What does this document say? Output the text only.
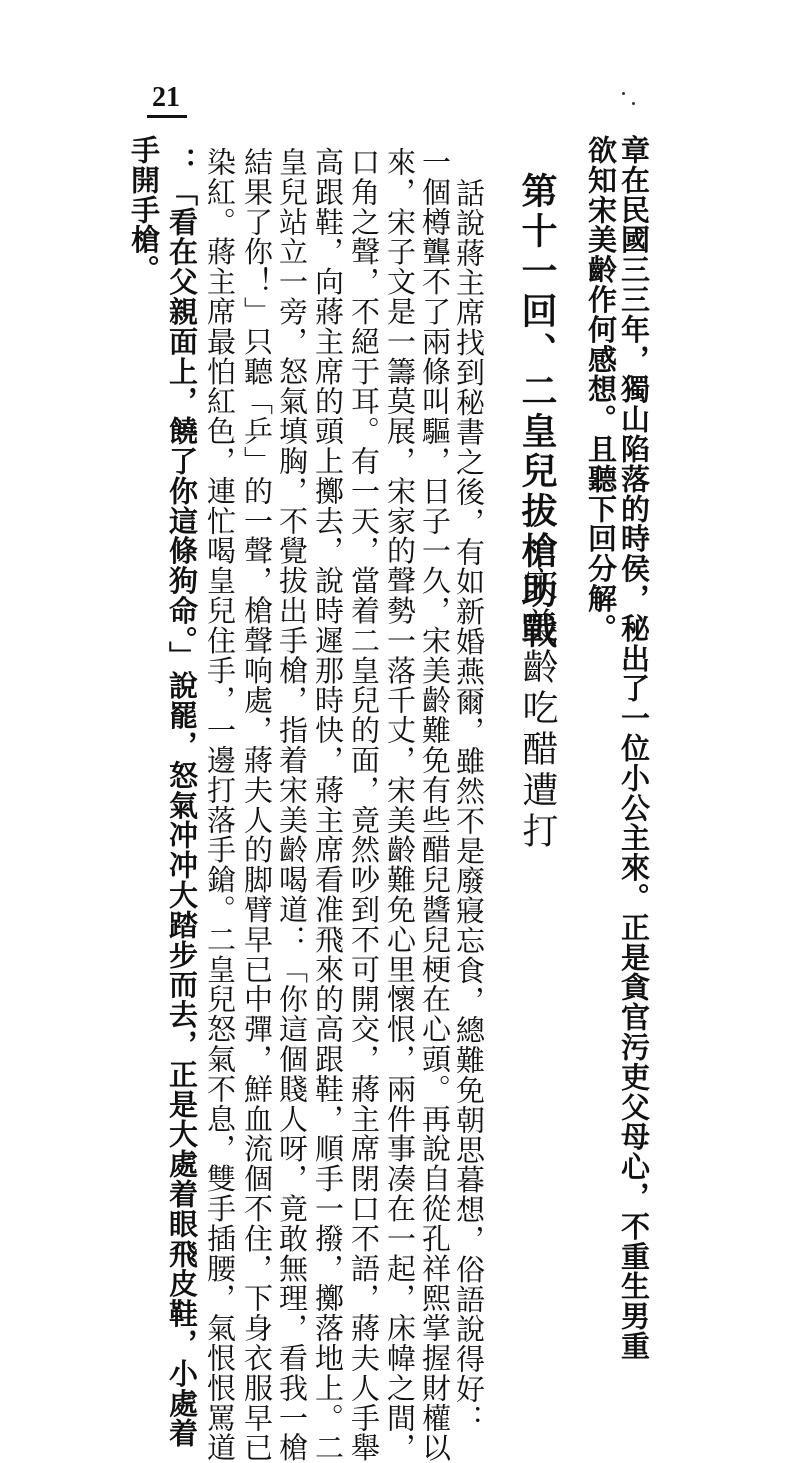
章在民國三三年，獨山陷落的時侯，秘出了一位小公主來。正是貪官污吏父母心，不重生男重
欲知宋美齡作何感想。且聽下回分解。
第十一回、二皇兒拔槍助戰
宋美齡吃醋遭打
話說蔣主席找到秘書之後，有如新婚燕爾，雖然不是廢寢忘食，總難免朝思暮想，俗語說得好：
一個樽聾不了兩條叫驅，日子一久，宋美齡難免有些醋兒醬兒梗在心頭。再說自從孔祥熙掌握財權以
來，宋子文是一籌莫展，宋家的聲勢一落千丈，宋美齡難免心里懷恨，兩件事凑在一起，床幃之間，
口角之聲，不絕于耳。有一天，當着二皇兒的面，竟然吵到不可開交，蔣主席閉口不語，蔣夫人手舉
高跟鞋，向蔣主席的頭上擲去，說時遲那時快，蔣主席看准飛來的高跟鞋，順手一撥，擲落地上。二
皇兒站立一旁，怒氣填胸，不覺拔出手槍，指着宋美齡喝道：「你這個賤人呀，竟敢無理，看我一槍
結果了你！」只聽「乒」的一聲，槍聲响處，蔣夫人的脚臂早已中彈，鮮血流個不住，下身衣服早已
染紅。蔣主席最怕紅色，連忙喝皇兒住手，一邊打落手鎗。二皇兒怒氣不息，雙手插腰，氣恨恨罵道
：「看在父親面上，饒了你這條狗命。」說罷，怒氣冲冲大踏步而去，正是大處着眼飛皮鞋，小處着
手開手槍。
21
